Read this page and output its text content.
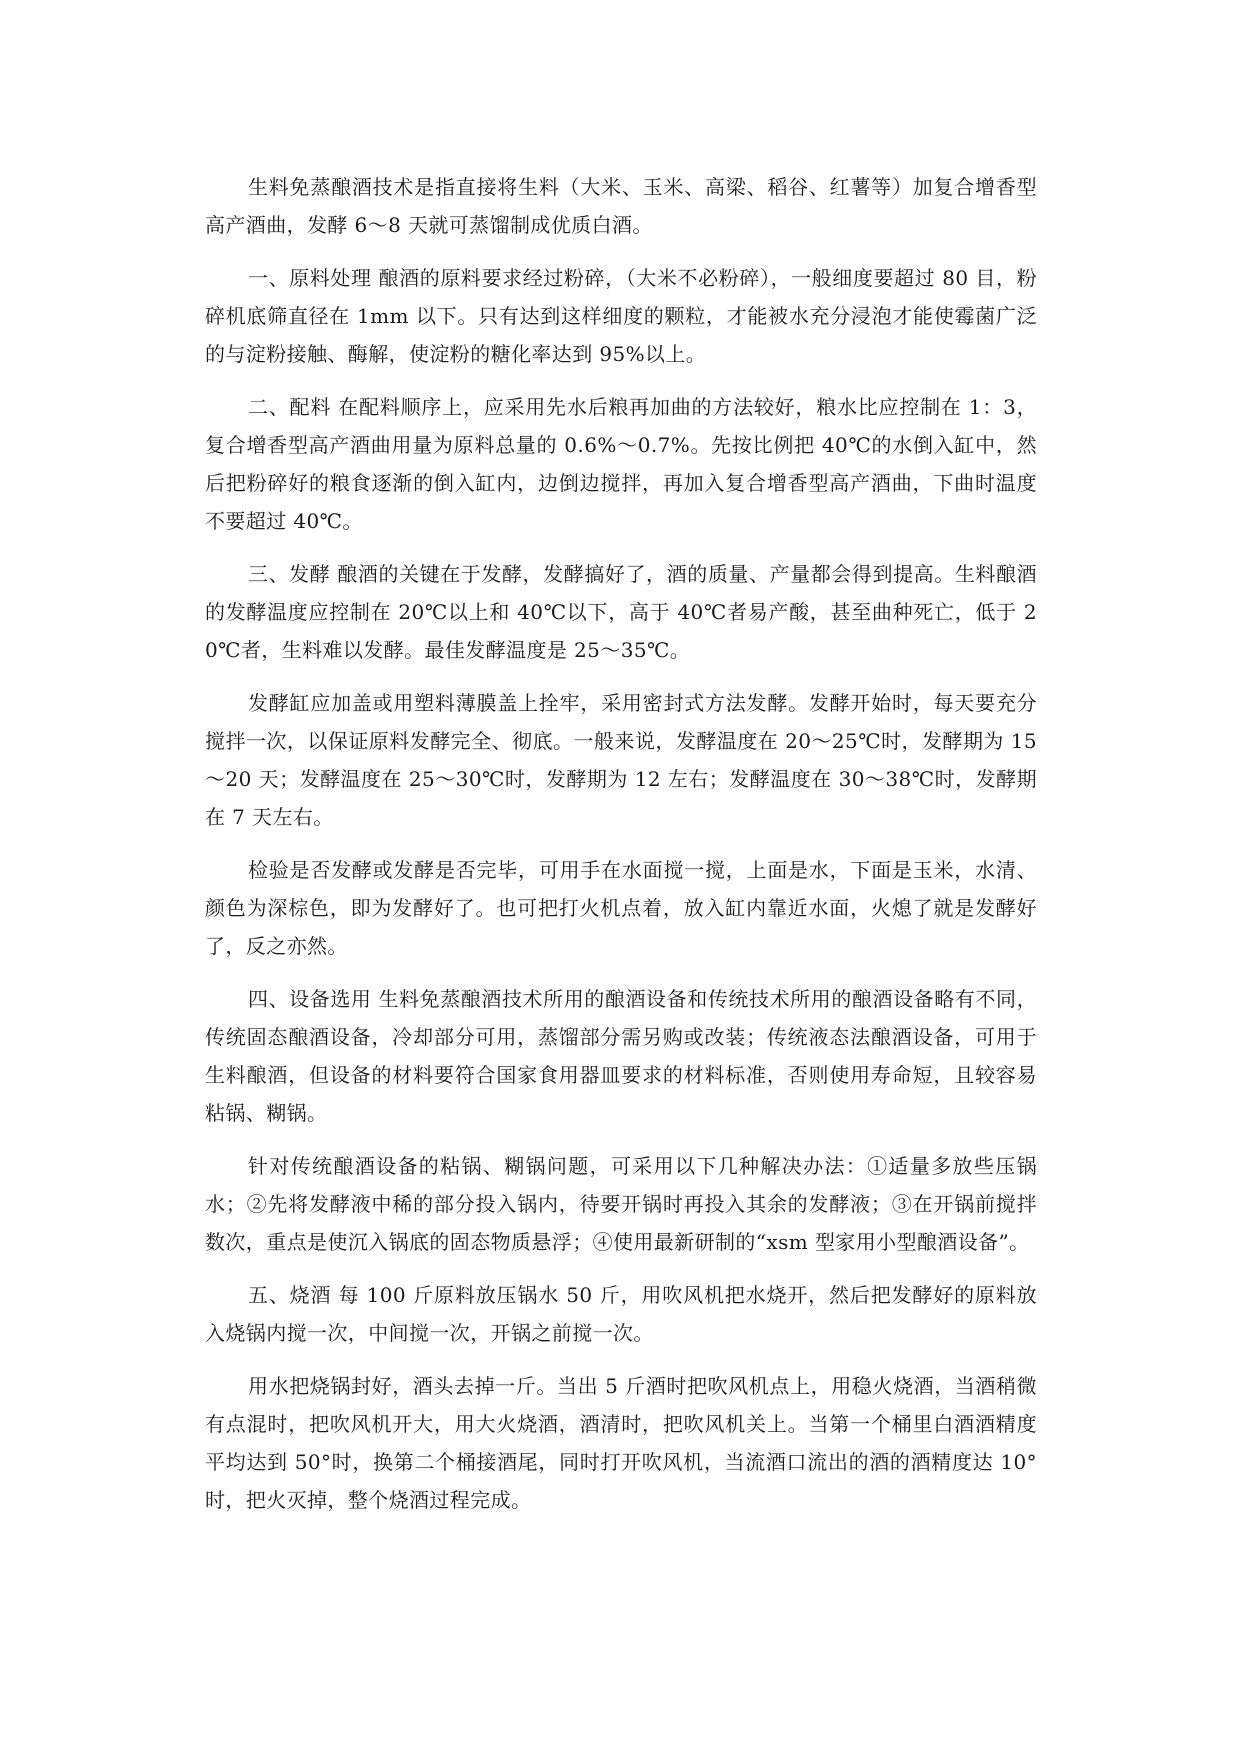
生料免蒸酿酒技术是指直接将生料（大米、玉米、高梁、稻谷、红薯等）加复合增香型高产酒曲，发酵 6～8 天就可蒸馏制成优质白酒。

一、原料处理 酿酒的原料要求经过粉碎，（大米不必粉碎），一般细度要超过 80 目，粉碎机底筛直径在 1mm 以下。只有达到这样细度的颗粒，才能被水充分浸泡才能使霉菌广泛的与淀粉接触、酶解，使淀粉的糖化率达到 95%以上。

二、配料 在配料顺序上，应采用先水后粮再加曲的方法较好，粮水比应控制在 1：3，复合增香型高产酒曲用量为原料总量的 0.6%～0.7%。先按比例把 40℃的水倒入缸中，然后把粉碎好的粮食逐渐的倒入缸内，边倒边搅拌，再加入复合增香型高产酒曲，下曲时温度不要超过 40℃。

三、发酵 酿酒的关键在于发酵，发酵搞好了，酒的质量、产量都会得到提高。生料酿酒的发酵温度应控制在 20℃以上和 40℃以下，高于 40℃者易产酸，甚至曲种死亡，低于 20℃者，生料难以发酵。最佳发酵温度是 25～35℃。

发酵缸应加盖或用塑料薄膜盖上拴牢，采用密封式方法发酵。发酵开始时，每天要充分搅拌一次，以保证原料发酵完全、彻底。一般来说，发酵温度在 20～25℃时，发酵期为 15～20 天；发酵温度在 25～30℃时，发酵期为 12 左右；发酵温度在 30～38℃时，发酵期在 7 天左右。

检验是否发酵或发酵是否完毕，可用手在水面搅一搅，上面是水，下面是玉米，水清、颜色为深棕色，即为发酵好了。也可把打火机点着，放入缸内靠近水面，火熄了就是发酵好了，反之亦然。

四、设备选用 生料免蒸酿酒技术所用的酿酒设备和传统技术所用的酿酒设备略有不同，传统固态酿酒设备，冷却部分可用，蒸馏部分需另购或改装；传统液态法酿酒设备，可用于生料酿酒，但设备的材料要符合国家食用器皿要求的材料标准，否则使用寿命短，且较容易粘锅、糊锅。

针对传统酿酒设备的粘锅、糊锅问题，可采用以下几种解决办法：①适量多放些压锅水；②先将发酵液中稀的部分投入锅内，待要开锅时再投入其余的发酵液；③在开锅前搅拌数次，重点是使沉入锅底的固态物质悬浮；④使用最新研制的“xsm 型家用小型酿酒设备”。

五、烧酒 每 100 斤原料放压锅水 50 斤，用吹风机把水烧开，然后把发酵好的原料放入烧锅内搅一次，中间搅一次，开锅之前搅一次。

用水把烧锅封好，酒头去掉一斤。当出 5 斤酒时把吹风机点上，用稳火烧酒，当酒稍微有点混时，把吹风机开大，用大火烧酒，酒清时，把吹风机关上。当第一个桶里白酒酒精度平均达到 50°时，换第二个桶接酒尾，同时打开吹风机，当流酒口流出的酒的酒精度达 10°时，把火灭掉，整个烧酒过程完成。
